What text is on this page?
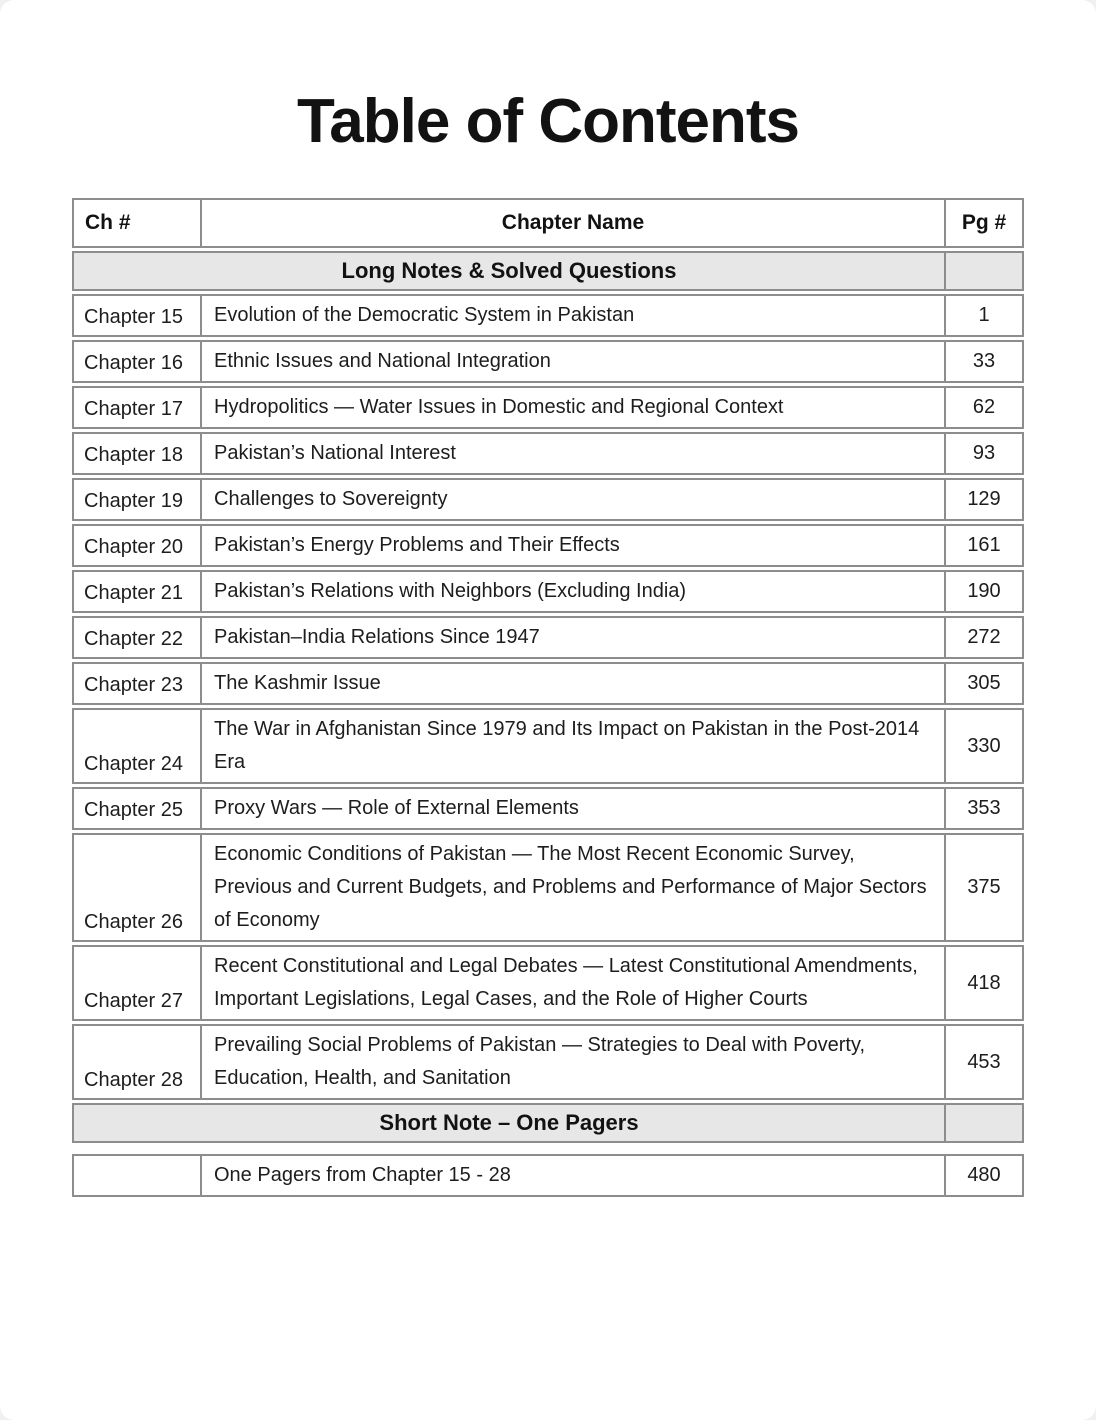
Table of Contents
Ch #	Chapter Name	Pg #
Long Notes & Solved Questions		
Chapter 15	Evolution of the Democratic System in Pakistan	1
Chapter 16	Ethnic Issues and National Integration	33
Chapter 17	Hydropolitics — Water Issues in Domestic and Regional Context	62
Chapter 18	Pakistan’s National Interest	93
Chapter 19	Challenges to Sovereignty	129
Chapter 20	Pakistan’s Energy Problems and Their Effects	161
Chapter 21	Pakistan’s Relations with Neighbors (Excluding India)	190
Chapter 22	Pakistan–India Relations Since 1947	272
Chapter 23	The Kashmir Issue	305
Chapter 24	The War in Afghanistan Since 1979 and Its Impact on Pakistan in the Post-2014 Era	330
Chapter 25	Proxy Wars — Role of External Elements	353
Chapter 26	Economic Conditions of Pakistan — The Most Recent Economic Survey, Previous and Current Budgets, and Problems and Performance of Major Sectors of Economy	375
Chapter 27	Recent Constitutional and Legal Debates — Latest Constitutional Amendments, Important Legislations, Legal Cases, and the Role of Higher Courts	418
Chapter 28	Prevailing Social Problems of Pakistan — Strategies to Deal with Poverty, Education, Health, and Sanitation	453
Short Note – One Pagers		

	One Pagers from Chapter 15 - 28	480
